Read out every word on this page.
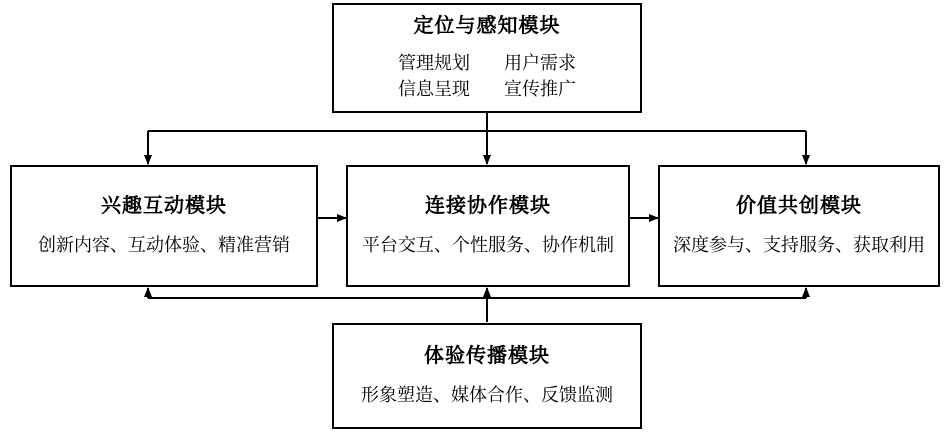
定位与感知模块
管理规划 用户需求
信息呈现 宣传推广
兴趣互动模块
创新内容、互动体验、精准营销
连接协作模块
平台交互、个性服务、协作机制
价值共创模块
深度参与、支持服务、获取利用
体验传播模块
形象塑造、媒体合作、反馈监测
